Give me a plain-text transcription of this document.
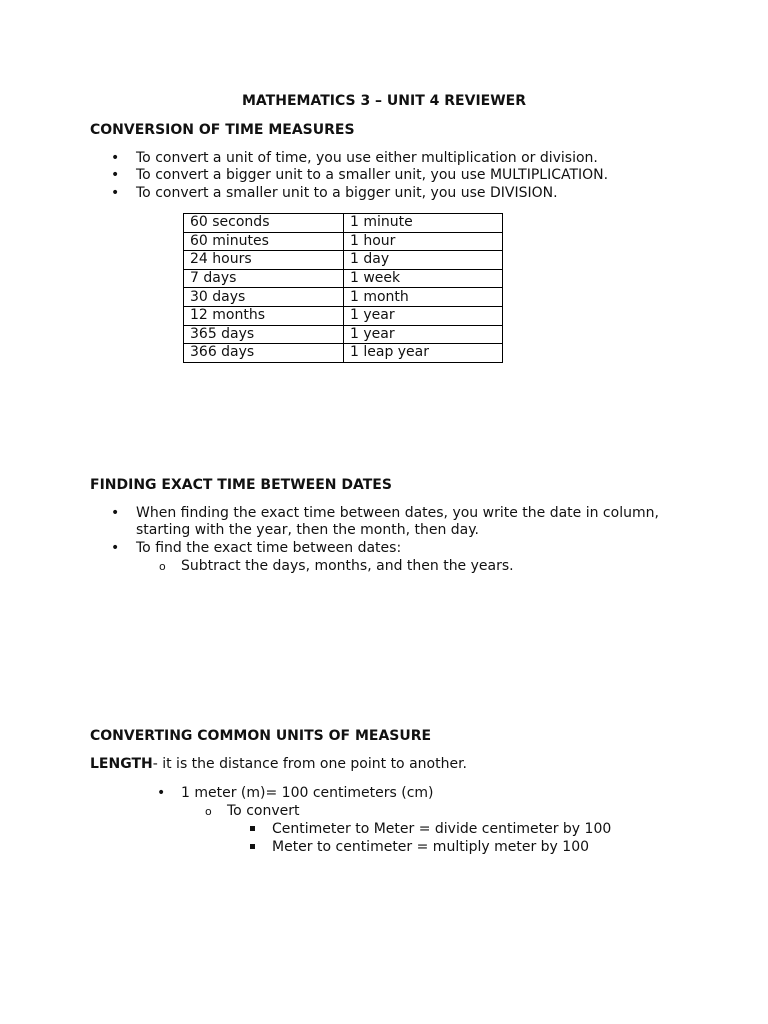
MATHEMATICS 3 – UNIT 4 REVIEWER
CONVERSION OF TIME MEASURES
• To convert a unit of time, you use either multiplication or division.
• To convert a bigger unit to a smaller unit, you use MULTIPLICATION.
• To convert a smaller unit to a bigger unit, you use DIVISION.
60 seconds	1 minute
60 minutes	1 hour
24 hours	1 day
7 days	1 week
30 days	1 month
12 months	1 year
365 days	1 year
366 days	1 leap year
FINDING EXACT TIME BETWEEN DATES
• When finding the exact time between dates, you write the date in column,
starting with the year, then the month, then day.
• To find the exact time between dates:
o Subtract the days, months, and then the years.
CONVERTING COMMON UNITS OF MEASURE
LENGTH- it is the distance from one point to another.
• 1 meter (m)= 100 centimeters (cm)
o To convert
Centimeter to Meter = divide centimeter by 100
Meter to centimeter = multiply meter by 100
